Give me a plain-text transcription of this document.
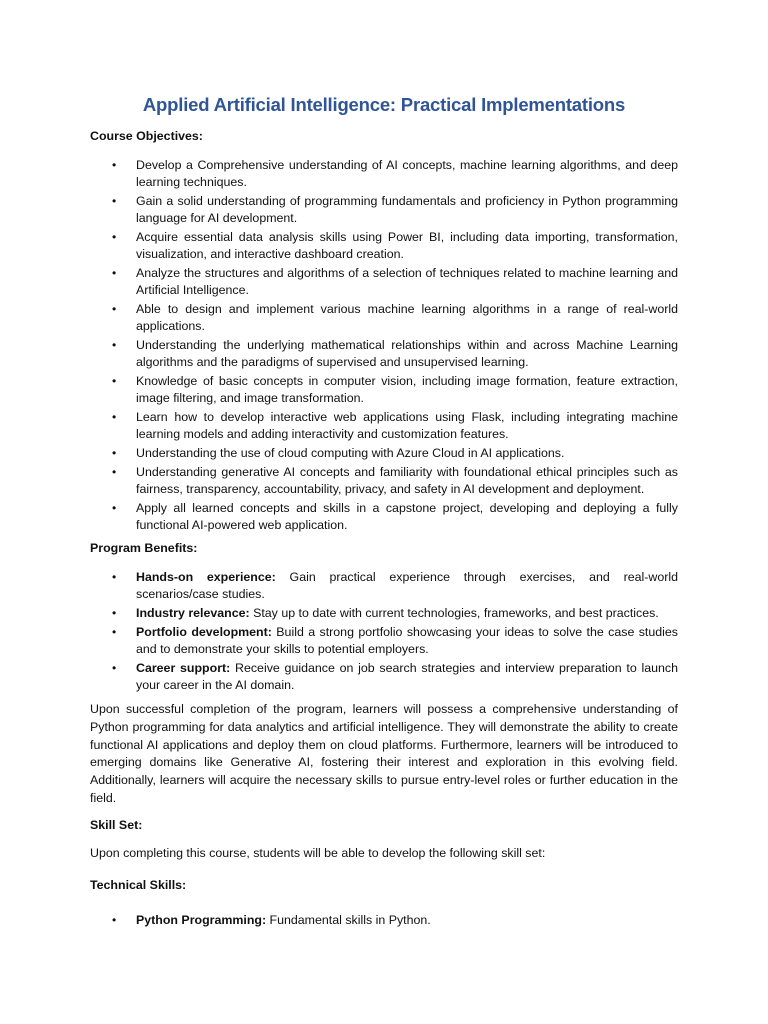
Applied Artificial Intelligence: Practical Implementations
Course Objectives:
• Develop a Comprehensive understanding of AI concepts, machine learning algorithms, and deep learning techniques.
• Gain a solid understanding of programming fundamentals and proficiency in Python programming language for AI development.
• Acquire essential data analysis skills using Power BI, including data importing, transformation, visualization, and interactive dashboard creation.
• Analyze the structures and algorithms of a selection of techniques related to machine learning and Artificial Intelligence.
• Able to design and implement various machine learning algorithms in a range of real-world applications.
• Understanding the underlying mathematical relationships within and across Machine Learning algorithms and the paradigms of supervised and unsupervised learning.
• Knowledge of basic concepts in computer vision, including image formation, feature extraction, image filtering, and image transformation.
• Learn how to develop interactive web applications using Flask, including integrating machine learning models and adding interactivity and customization features.
• Understanding the use of cloud computing with Azure Cloud in AI applications.
• Understanding generative AI concepts and familiarity with foundational ethical principles such as fairness, transparency, accountability, privacy, and safety in AI development and deployment.
• Apply all learned concepts and skills in a capstone project, developing and deploying a fully functional AI-powered web application.
Program Benefits:
• Hands-on experience: Gain practical experience through exercises, and real-world scenarios/case studies.
• Industry relevance: Stay up to date with current technologies, frameworks, and best practices.
• Portfolio development: Build a strong portfolio showcasing your ideas to solve the case studies and to demonstrate your skills to potential employers.
• Career support: Receive guidance on job search strategies and interview preparation to launch your career in the AI domain.

Upon successful completion of the program, learners will possess a comprehensive understanding of Python programming for data analytics and artificial intelligence. They will demonstrate the ability to create functional AI applications and deploy them on cloud platforms. Furthermore, learners will be introduced to emerging domains like Generative AI, fostering their interest and exploration in this evolving field. Additionally, learners will acquire the necessary skills to pursue entry-level roles or further education in the field.

Skill Set:

Upon completing this course, students will be able to develop the following skill set:

Technical Skills:
• Python Programming: Fundamental skills in Python.
